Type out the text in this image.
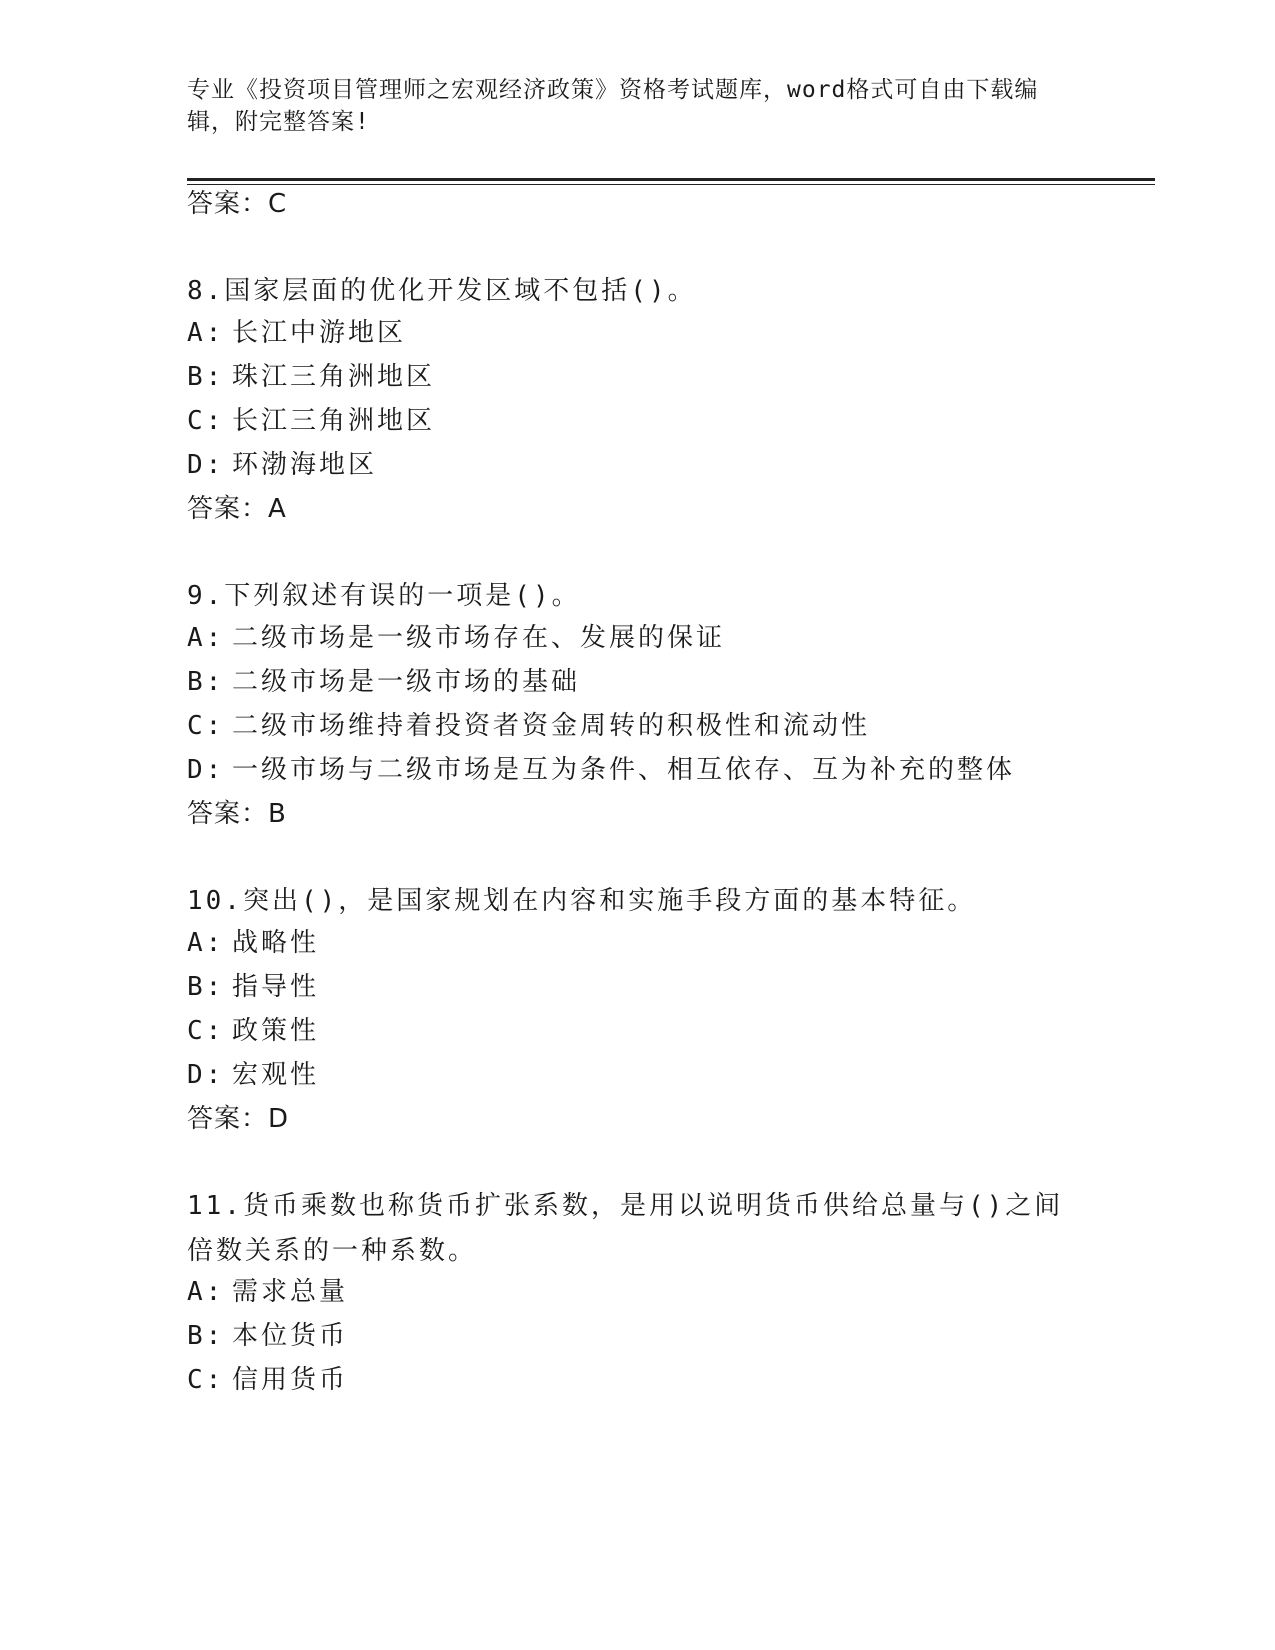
专业《投资项目管理师之宏观经济政策》资格考试题库，word格式可自由下载编辑，附完整答案!
答案：C
8.国家层面的优化开发区域不包括()。
A: 长江中游地区
B: 珠江三角洲地区
C: 长江三角洲地区
D: 环渤海地区
答案：A
9.下列叙述有误的一项是()。
A: 二级市场是一级市场存在、发展的保证
B: 二级市场是一级市场的基础
C: 二级市场维持着投资者资金周转的积极性和流动性
D: 一级市场与二级市场是互为条件、相互依存、互为补充的整体
答案：B
10.突出()，是国家规划在内容和实施手段方面的基本特征。
A: 战略性
B: 指导性
C: 政策性
D: 宏观性
答案：D
11.货币乘数也称货币扩张系数，是用以说明货币供给总量与()之间倍数关系的一种系数。
A: 需求总量
B: 本位货币
C: 信用货币
